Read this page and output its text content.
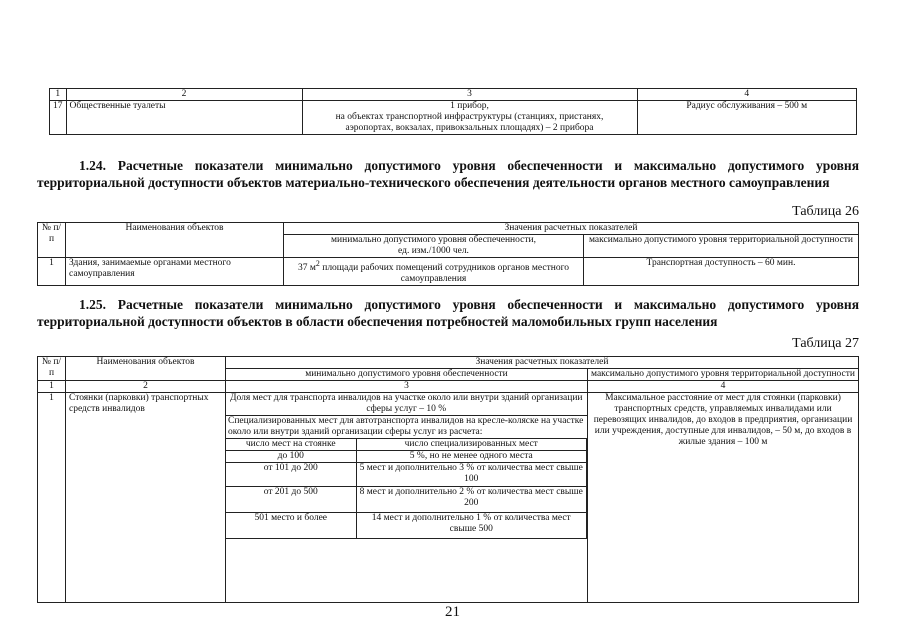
1	2	3	4
17	Общественные туалеты	1 прибор,
на объектах транспортной инфраструктуры (станциях, пристанях,
аэропортах, вокзалах, привокзальных площадях) – 2 прибора	Радиус обслуживания – 500 м
1.24. Расчетные показатели минимально допустимого уровня обеспеченности и максимально допустимого уровня территориальной доступности объектов материально-технического обеспечения деятельности органов местного самоуправления
Таблица 26
№ п/п	Наименования объектов	Значения расчетных показателей	

		минимально допустимого уровня обеспеченности,
ед. изм./1000 чел.	максимально допустимого уровня территориальной доступности
1	Здания, занимаемые органами местного самоуправления	37 $м^2$ площади рабочих помещений сотрудников органов местного самоуправления	Транспортная доступность – 60 мин.
1.25. Расчетные показатели минимально допустимого уровня обеспеченности и максимально допустимого уровня территориальной доступности объектов в области обеспечения потребностей маломобильных групп населения
Таблица 27
№ п/п	Наименования объектов	Значения расчетных показателей
минимально допустимого уровня обеспеченности	максимально допустимого уровня территориальной доступности
1	2	3	4
1	Стоянки (парковки) транспортных средств инвалидов	
Доля мест для транспорта инвалидов на участке около или внутри зданий организации сферы услуг – 10 %
Специализированных мест для автотранспорта инвалидов на кресле-коляске на участке около или внутри зданий организации сферы услуг из расчета:
число мест на стоянке	число специализированных мест
до 100	5 %, но не менее одного места
от 101 до 200	5 мест и дополнительно 3 % от количества мест свыше 100
от 201 до 500	8 мест и дополнительно 2 % от количества мест свыше 200
501 место и более	14 мест и дополнительно 1 % от количества мест свыше 500
	Максимальное расстояние от мест для стоянки (парковки) транспортных средств, управляемых инвалидами или перевозящих инвалидов, до входов в предприятия, организации или учреждения, доступные для инвалидов, – 50 м, до входов в жилые здания – 100 м
21
